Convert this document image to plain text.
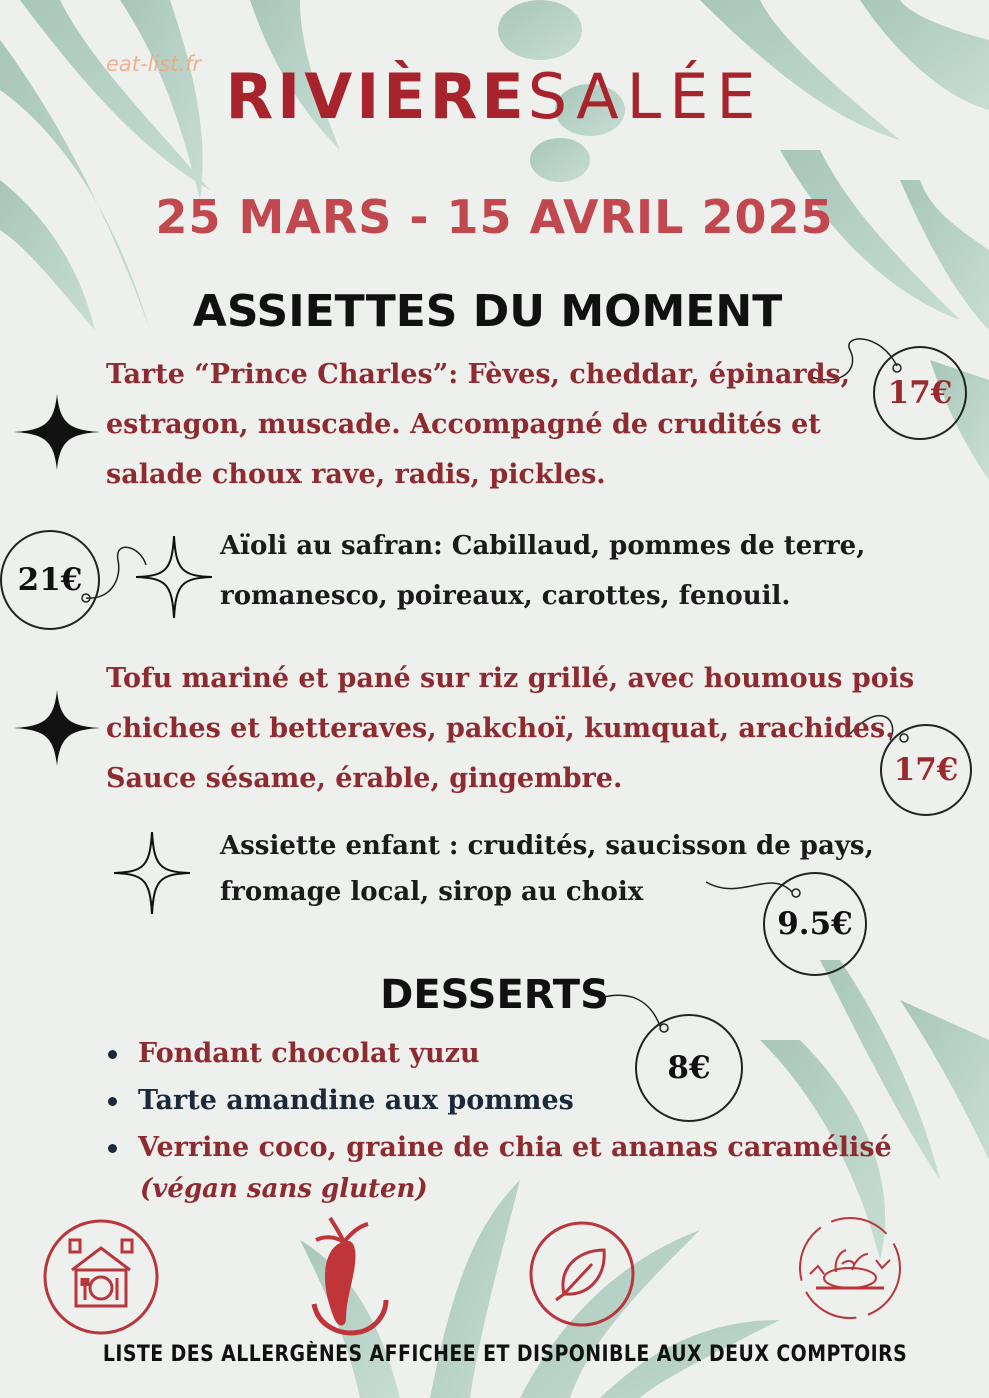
eat-list.fr RIVIÈRESALÉE
25 MARS - 15 AVRIL 2025
ASSIETTES DU MOMENT
Tarte “Prince Charles”: Fèves, cheddar, épinards, estragon, muscade. Accompagné de crudités et salade choux rave, radis, pickles.
17€
Aïoli au safran: Cabillaud, pommes de terre, romanesco, poireaux, carottes, fenouil.
21€
Tofu mariné et pané sur riz grillé, avec houmous pois chiches et betteraves, pakchoï, kumquat, arachides. Sauce sésame, érable, gingembre.	17€
Assiette enfant : crudités, saucisson de pays, fromage local, sirop au choix
9.5€
DESSERTS
8€
Fondant chocolat yuzu
Tarte amandine aux pommes
Verrine coco, graine de chia et ananas caramélisé
(végan sans gluten)
LISTE DES ALLERGÈNES AFFICHEE ET DISPONIBLE AUX DEUX COMPTOIRS
